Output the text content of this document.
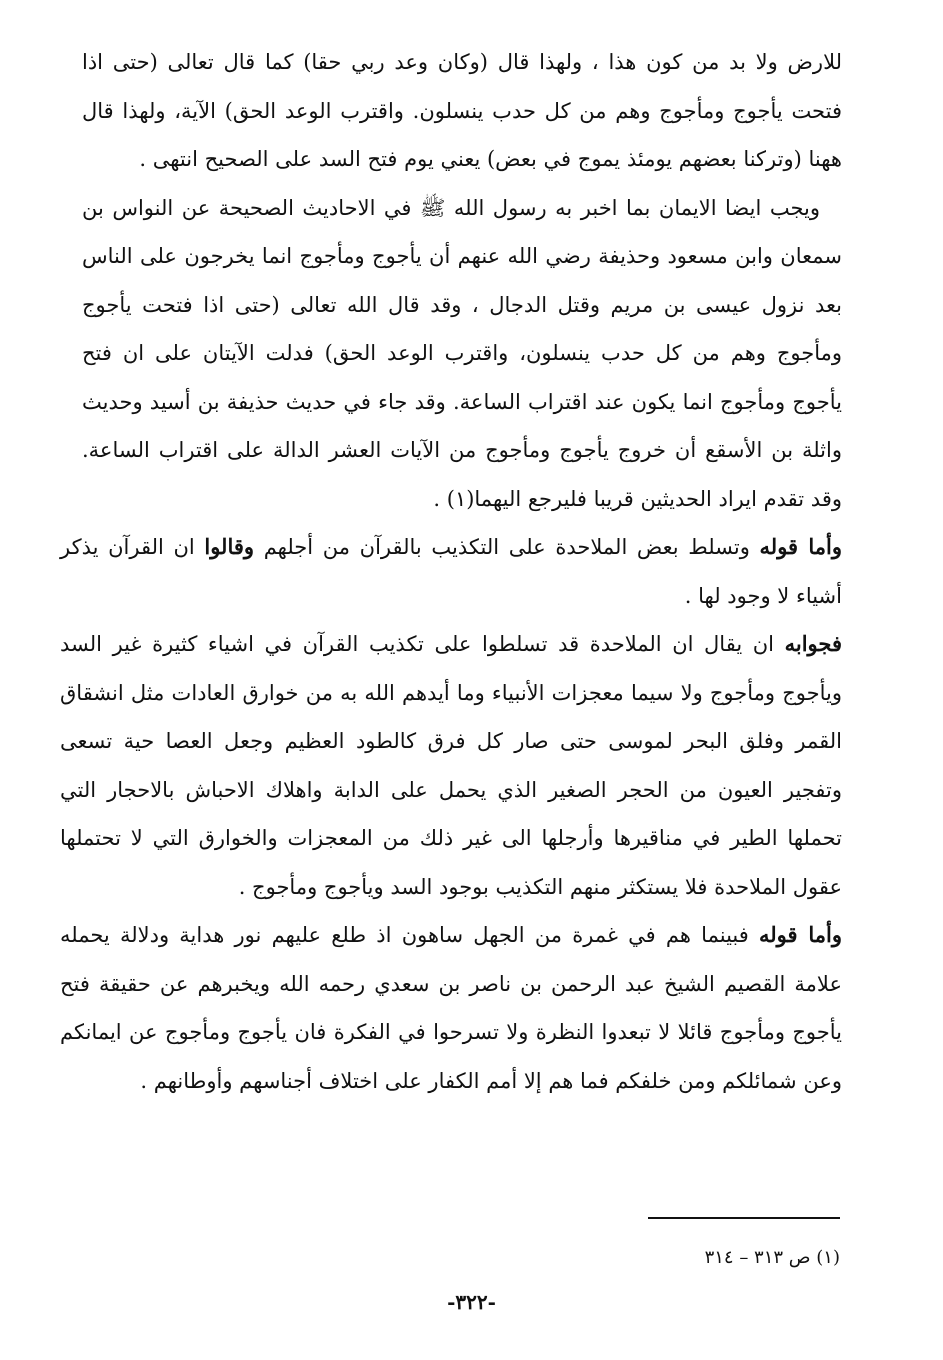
للارض ولا بد من كون هذا ، ولهذا قال (وكان وعد ربي حقا) كما قال تعالى (حتى اذا فتحت يأجوج ومأجوج وهم من كل حدب ينسلون. واقترب الوعد الحق) الآية، ولهذا قال ههنا (وتركنا بعضهم يومئذ يموج في بعض) يعني يوم فتح السد على الصحيح انتهى .

ويجب ايضا الايمان بما اخبر به رسول الله ﷺ في الاحاديث الصحيحة عن النواس بن سمعان وابن مسعود وحذيفة رضي الله عنهم أن يأجوج ومأجوج انما يخرجون على الناس بعد نزول عيسى بن مريم وقتل الدجال ، وقد قال الله تعالى (حتى اذا فتحت يأجوج ومأجوج وهم من كل حدب ينسلون، واقترب الوعد الحق) فدلت الآيتان على ان فتح يأجوج ومأجوج انما يكون عند اقتراب الساعة. وقد جاء في حديث حذيفة بن أسيد وحديث واثلة بن الأسقع أن خروج يأجوج ومأجوج من الآيات العشر الدالة على اقتراب الساعة. وقد تقدم ايراد الحديثين قريبا فليرجع اليهما(١) .

وأما قوله وتسلط بعض الملاحدة على التكذيب بالقرآن من أجلهم وقالوا ان القرآن يذكر أشياء لا وجود لها .

فجوابه ان يقال ان الملاحدة قد تسلطوا على تكذيب القرآن في اشياء كثيرة غير السد ويأجوج ومأجوج ولا سيما معجزات الأنبياء وما أيدهم الله به من خوارق العادات مثل انشقاق القمر وفلق البحر لموسى حتى صار كل فرق كالطود العظيم وجعل العصا حية تسعى وتفجير العيون من الحجر الصغير الذي يحمل على الدابة واهلاك الاحباش بالاحجار التي تحملها الطير في مناقيرها وأرجلها الى غير ذلك من المعجزات والخوارق التي لا تحتملها عقول الملاحدة فلا يستكثر منهم التكذيب بوجود السد ويأجوج ومأجوج .

وأما قوله فبينما هم في غمرة من الجهل ساهون اذ طلع عليهم نور هداية ودلالة يحمله علامة القصيم الشيخ عبد الرحمن بن ناصر بن سعدي رحمه الله ويخبرهم عن حقيقة فتح يأجوج ومأجوج قائلا لا تبعدوا النظرة ولا تسرحوا في الفكرة فان يأجوج ومأجوج عن ايمانكم وعن شمائلكم ومن خلفكم فما هم إلا أمم الكفار على اختلاف أجناسهم وأوطانهم .

(١) ص ٣١٣ – ٣١٤
-٣٢٢-
